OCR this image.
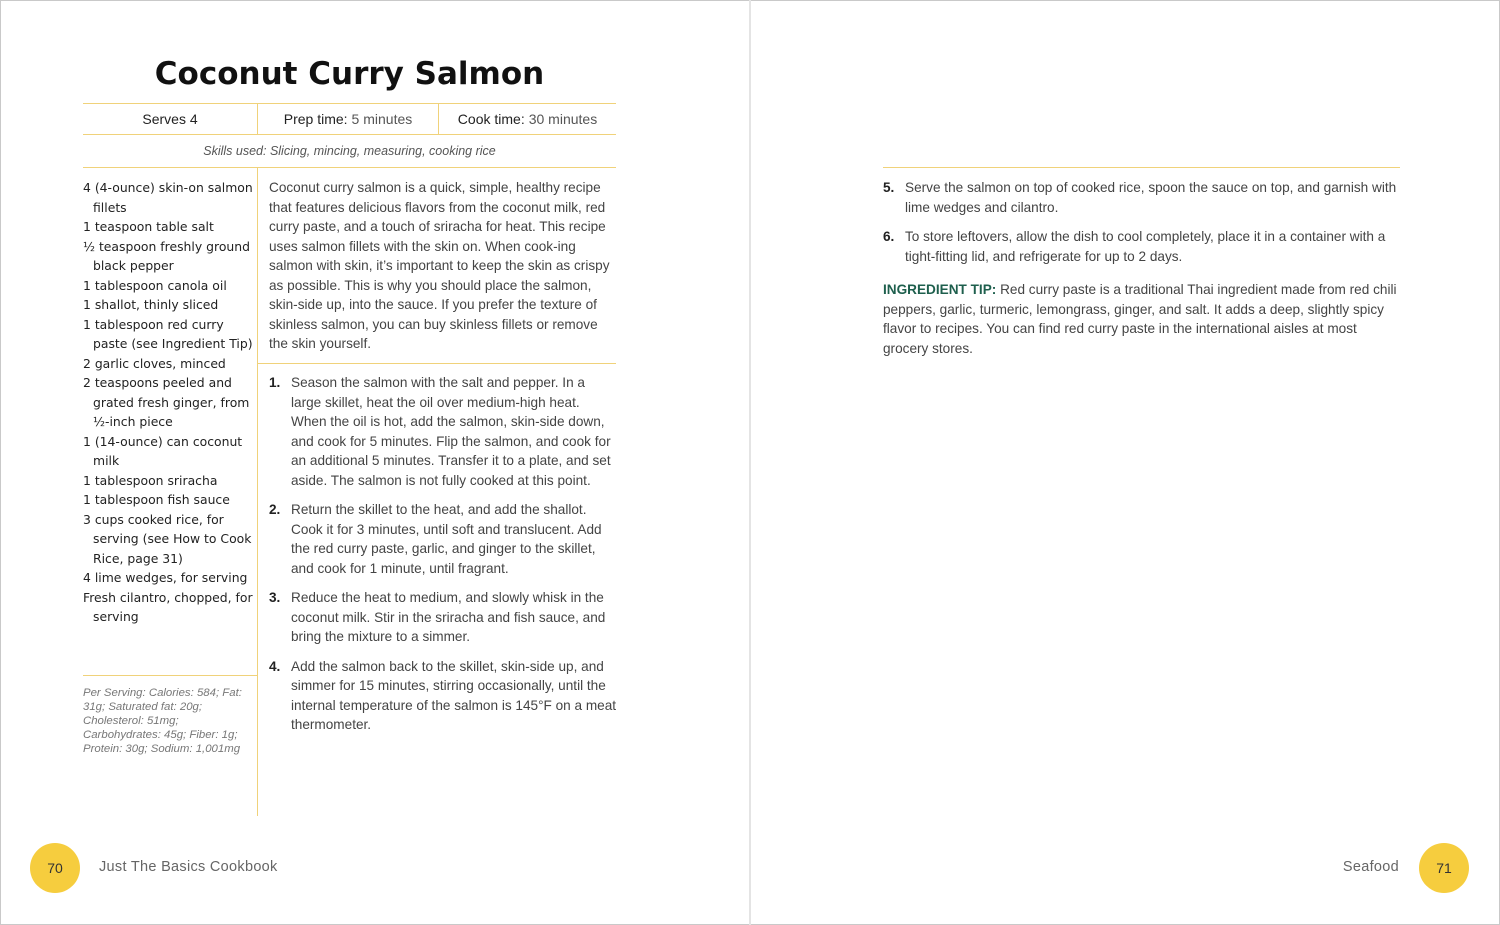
Coconut Curry Salmon
Serves 4	Prep time: 5 minutes	Cook time: 30 minutes
Skills used: Slicing, mincing, measuring, cooking rice
4 (4-ounce) skin-on salmon fillets
1 teaspoon table salt
½ teaspoon freshly ground black pepper
1 tablespoon canola oil
1 shallot, thinly sliced
1 tablespoon red curry paste (see Ingredient Tip)
2 garlic cloves, minced
2 teaspoons peeled and grated fresh ginger, from ½-inch piece
1 (14-ounce) can coconut milk
1 tablespoon sriracha
1 tablespoon fish sauce
3 cups cooked rice, for serving (see How to Cook Rice, page 31)
4 lime wedges, for serving
Fresh cilantro, chopped, for serving
Per Serving: Calories: 584; Fat: 31g; Saturated fat: 20g; Cholesterol: 51mg; Carbohydrates: 45g; Fiber: 1g; Protein: 30g; Sodium: 1,001mg

Coconut curry salmon is a quick, simple, healthy recipe that features delicious flavors from the coconut milk, red curry paste, and a touch of sriracha for heat. This recipe uses salmon fillets with the skin on. When cook-ing salmon with skin, it’s important to keep the skin as crispy as possible. This is why you should place the salmon, skin-side up, into the sauce. If you prefer the texture of skinless salmon, you can buy skinless fillets or remove the skin yourself.

1. Season the salmon with the salt and pepper. In a large skillet, heat the oil over medium-high heat. When the oil is hot, add the salmon, skin-side down, and cook for 5 minutes. Flip the salmon, and cook for an additional 5 minutes. Transfer it to a plate, and set aside. The salmon is not fully cooked at this point.
2. Return the skillet to the heat, and add the shallot. Cook it for 3 minutes, until soft and translucent. Add the red curry paste, garlic, and ginger to the skillet, and cook for 1 minute, until fragrant.
3. Reduce the heat to medium, and slowly whisk in the coconut milk. Stir in the sriracha and fish sauce, and bring the mixture to a simmer.
4. Add the salmon back to the skillet, skin-side up, and simmer for 15 minutes, stirring occasionally, until the internal temperature of the salmon is 145°F on a meat thermometer.
5. Serve the salmon on top of cooked rice, spoon the sauce on top, and garnish with lime wedges and cilantro.
6. To store leftovers, allow the dish to cool completely, place it in a container with a tight-fitting lid, and refrigerate for up to 2 days.

INGREDIENT TIP: Red curry paste is a traditional Thai ingredient made from red chili peppers, garlic, turmeric, lemongrass, ginger, and salt. It adds a deep, slightly spicy flavor to recipes. You can find red curry paste in the international aisles at most grocery stores.

70	Just The Basics Cookbook	Seafood	71
